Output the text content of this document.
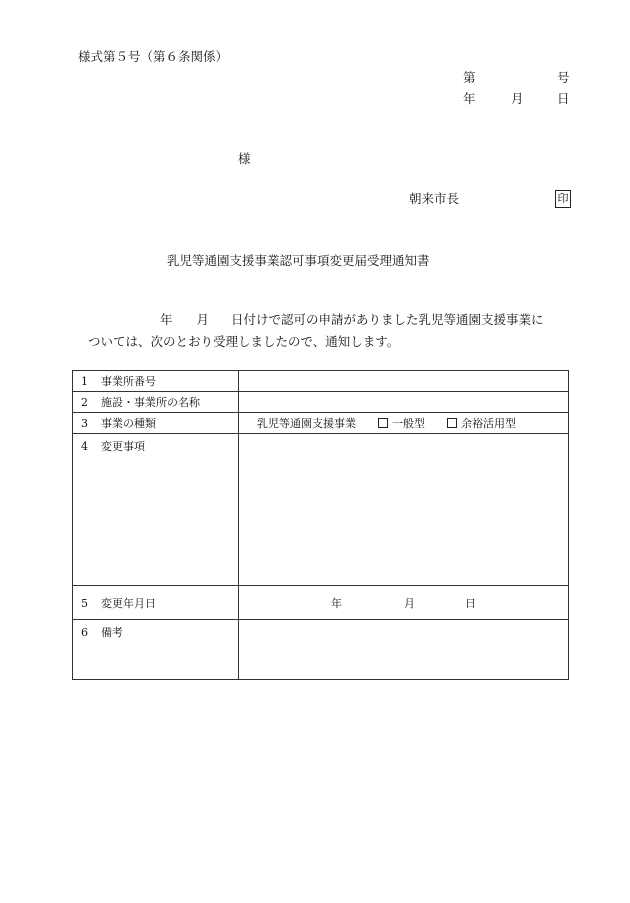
様式第５号（第６条関係）
第	号
年	月	日
様
朝来市長	印
乳児等通園支援事業認可事項変更届受理通知書
年 月 日付けで認可の申請がありました乳児等通園支援事業に
ついては、次のとおり受理しましたので、通知します。
1 事業所番号	
2 施設・事業所の名称	
3 事業の種類	乳児等通園支援事業 一般型 余裕活用型
4 変更事項	
5 変更年月日	年 月 日

6 備考	
